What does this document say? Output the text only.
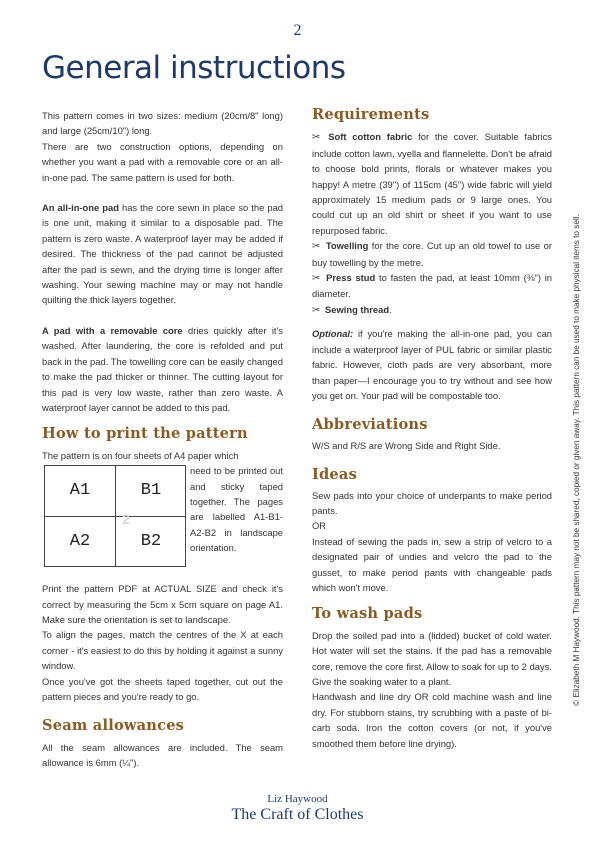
2
General instructions

This pattern comes in two sizes: medium (20cm/8" long) and large (25cm/10") long.

There are two construction options, depending on whether you want a pad with a removable core or an all-in-one pad. The same pattern is used for both.

An all-in-one pad has the core sewn in place so the pad is one unit, making it similar to a disposable pad. The pattern is zero waste. A waterproof layer may be added if desired. The thickness of the pad cannot be adjusted after the pad is sewn, and the drying time is longer after washing. Your sewing machine may or may not handle quilting the thick layers together.

A pad with a removable core dries quickly after it's washed. After laundering, the core is refolded and put back in the pad. The towelling core can be easily changed to make the pad thicker or thinner. The cutting layout for this pad is very low waste, rather than zero waste. A waterproof layer cannot be added to this pad.

How to print the pattern

The pattern is on four sheets of A4 paper which

A1	B1
A2	B2
2

need to be printed out and sticky taped together. The pages are labelled A1-B1-A2-B2 in landscape orientation.

Print the pattern PDF at ACTUAL SIZE and check it's correct by measuring the 5cm x 5cm square on page A1. Make sure the orientation is set to landscape.

To align the pages, match the centres of the X at each corner - it's easiest to do this by holding it against a sunny window.

Once you've got the sheets taped together, cut out the pattern pieces and you're ready to go.

Seam allowances

All the seam allowances are included. The seam allowance is 6mm (¼").

Requirements

✂ Soft cotton fabric for the cover. Suitable fabrics include cotton lawn, vyella and flannelette. Don't be afraid to choose bold prints, florals or whatever makes you happy! A metre (39") of 115cm (45") wide fabric will yield approximately 15 medium pads or 9 large ones. You could cut up an old shirt or sheet if you want to use repurposed fabric.

✂ Towelling for the core. Cut up an old towel to use or buy towelling by the metre.

✂ Press stud to fasten the pad, at least 10mm (⅜") in diameter.

✂ Sewing thread.

Optional: if you're making the all-in-one pad, you can include a waterproof layer of PUL fabric or similar plastic fabric. However, cloth pads are very absorbant, more than paper—I encourage you to try without and see how you get on. Your pad will be compostable too.

Abbreviations

W/S and R/S are Wrong Side and Right Side.

Ideas

Sew pads into your choice of underpants to make period pants.

OR

Instead of sewing the pads in, sew a strip of velcro to a designated pair of undies and velcro the pad to the gusset, to make period pants with changeable pads which won't move.

To wash pads

Drop the soiled pad into a (lidded) bucket of cold water. Hot water will set the stains. If the pad has a removable core, remove the core first. Allow to soak for up to 2 days. Give the soaking water to a plant.

Handwash and line dry OR cold machine wash and line dry. For stubborn stains, try scrubbing with a paste of bi-carb soda. Iron the cotton covers (or not, if you've smoothed them before line drying).

© Elizabeth M Haywood. This pattern may not be shared, copied or given away. This pattern can be used to make physical items to sell.
Liz Haywood
The Craft of Clothes
